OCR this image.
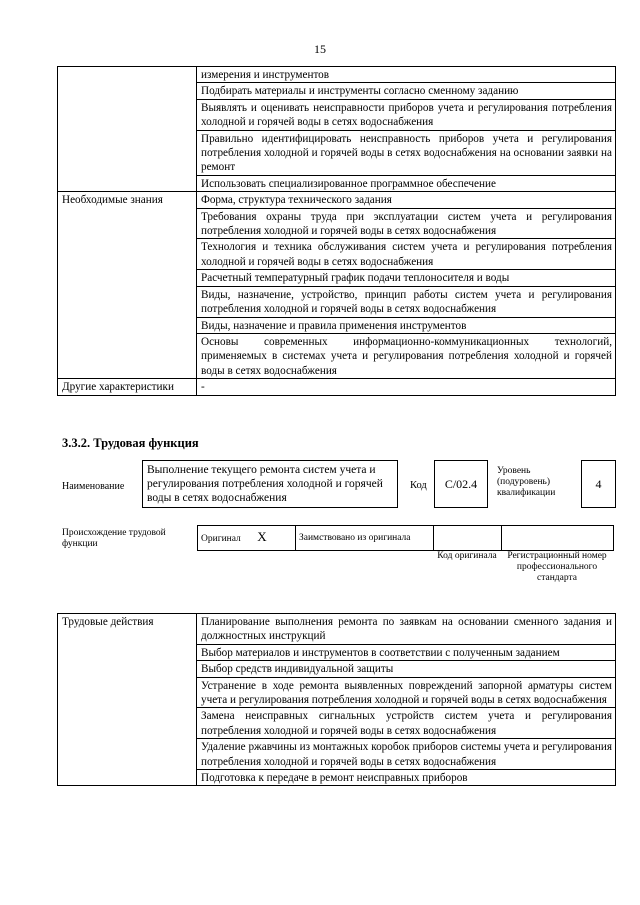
15
	измерения и инструментов
	Подбирать материалы и инструменты согласно сменному заданию
	Выявлять и оценивать неисправности приборов учета и регулирования потребления холодной и горячей воды в сетях водоснабжения
	Правильно идентифицировать неисправность приборов учета и регулирования потребления холодной и горячей воды в сетях водоснабжения на основании заявки на ремонт
	Использовать специализированное программное обеспечение
Необходимые знания	Форма, структура технического задания
	Требования охраны труда при эксплуатации систем учета и регулирования потребления холодной и горячей воды в сетях водоснабжения
	Технология и техника обслуживания систем учета и регулирования потребления холодной и горячей воды в сетях водоснабжения
	Расчетный температурный график подачи теплоносителя и воды
	Виды, назначение, устройство, принцип работы систем учета и регулирования потребления холодной и горячей воды в сетях водоснабжения
	Виды, назначение и правила применения инструментов
	Основы современных информационно-коммуникационных технологий, применяемых в системах учета и регулирования потребления холодной и горячей воды в сетях водоснабжения
Другие характеристики	-
3.3.2. Трудовая функция
Наименование
Выполнение текущего ремонта систем учета и регулирования потребления холодной и горячей воды в сетях водоснабжения
Код	C/02.4
Уровень (подуровень) квалификации
4
Происхождение трудовой функции	Оригинал X	Заимствовано из оригинала		
Код оригинала Регистрационный номер профессионального стандарта
Трудовые действия	Планирование выполнения ремонта по заявкам на основании сменного задания и должностных инструкций
Выбор материалов и инструментов в соответствии с полученным заданием
Выбор средств индивидуальной защиты
Устранение в ходе ремонта выявленных повреждений запорной арматуры систем учета и регулирования потребления холодной и горячей воды в сетях водоснабжения
Замена неисправных сигнальных устройств систем учета и регулирования потребления холодной и горячей воды в сетях водоснабжения
Удаление ржавчины из монтажных коробок приборов системы учета и регулирования потребления холодной и горячей воды в сетях водоснабжения
Подготовка к передаче в ремонт неисправных приборов
